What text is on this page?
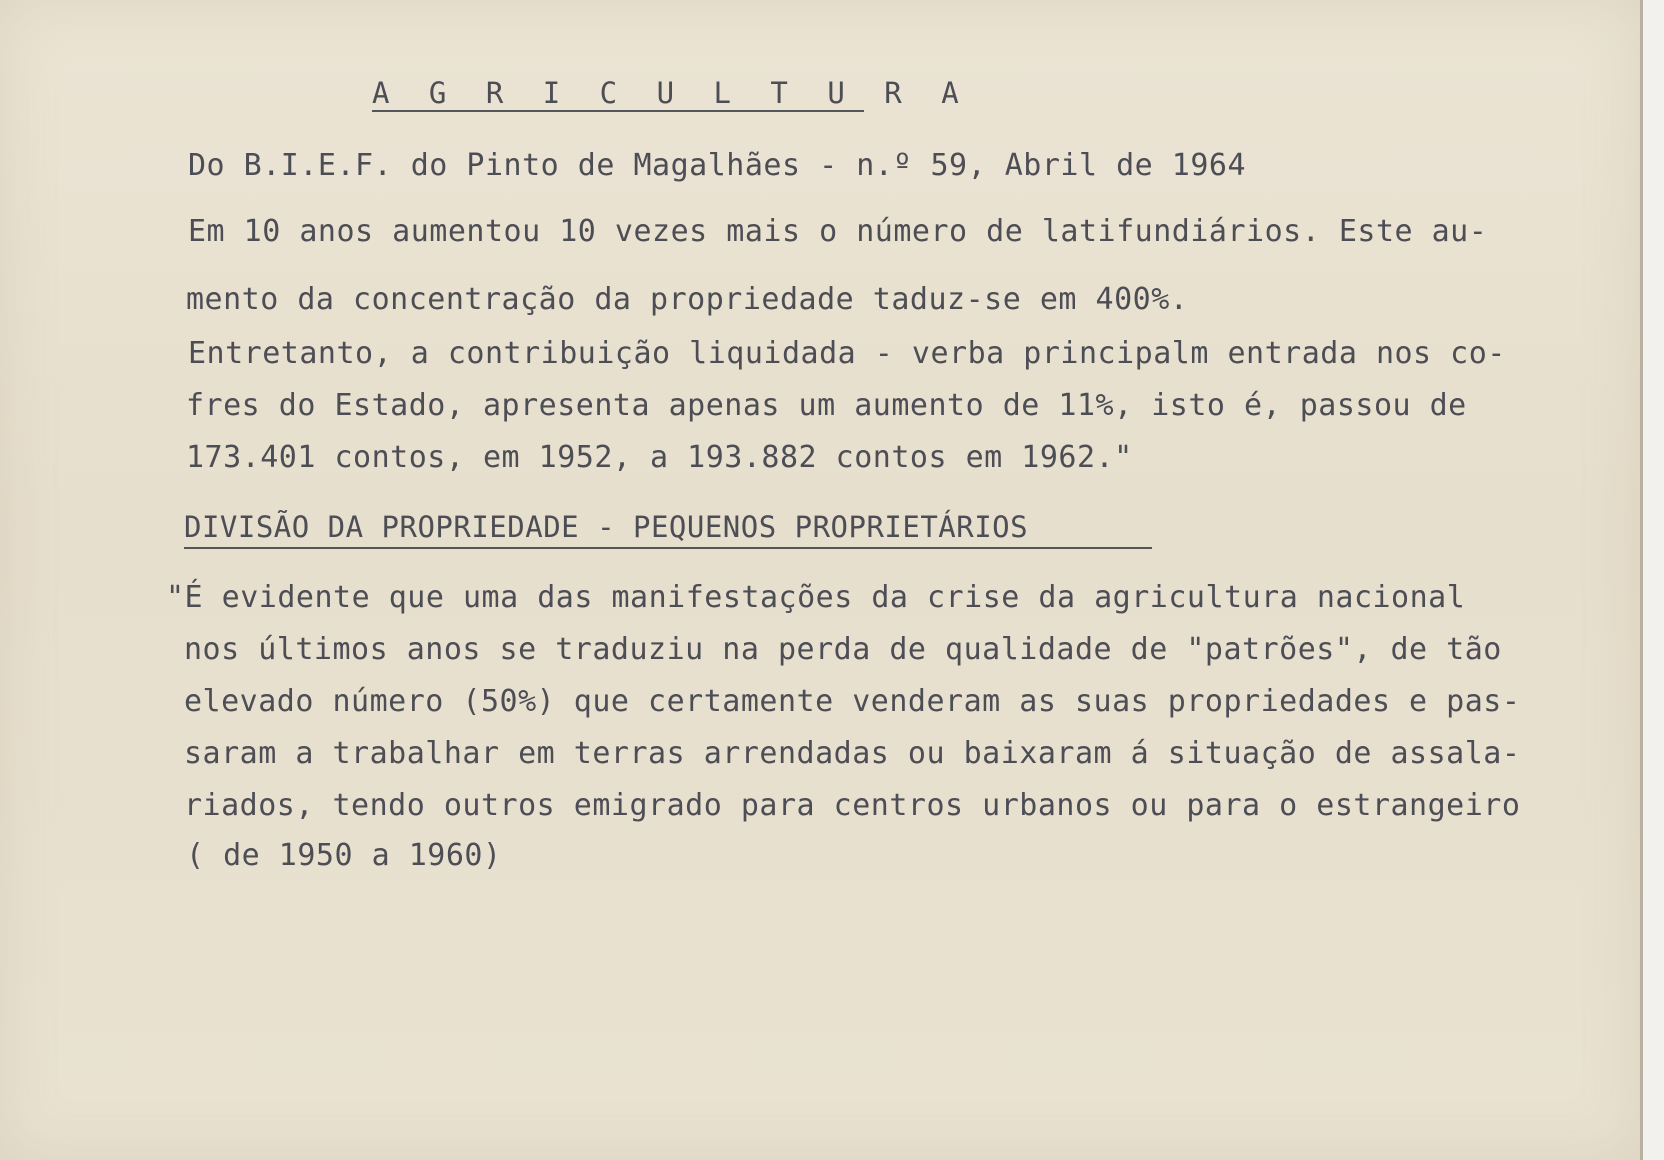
A G R I C U L T U R A

Do B.I.E.F. do Pinto de Magalhães - n.º 59, Abril de 1964

Em 10 anos aumentou 10 vezes mais o número de latifundiários. Este au-

mento da concentração da propriedade taduz-se em 400%.

Entretanto, a contribuição liquidada - verba principalm entrada nos co-

fres do Estado, apresenta apenas um aumento de 11%, isto é, passou de

173.401 contos, em 1952, a 193.882 contos em 1962."

DIVISÃO DA PROPRIEDADE - PEQUENOS PROPRIETÁRIOS

"É evidente que uma das manifestações da crise da agricultura nacional

nos últimos anos se traduziu na perda de qualidade de "patrões", de tão

elevado número (50%) que certamente venderam as suas propriedades e pas-

saram a trabalhar em terras arrendadas ou baixaram á situação de assala-

riados, tendo outros emigrado para centros urbanos ou para o estrangeiro

( de 1950 a 1960)
